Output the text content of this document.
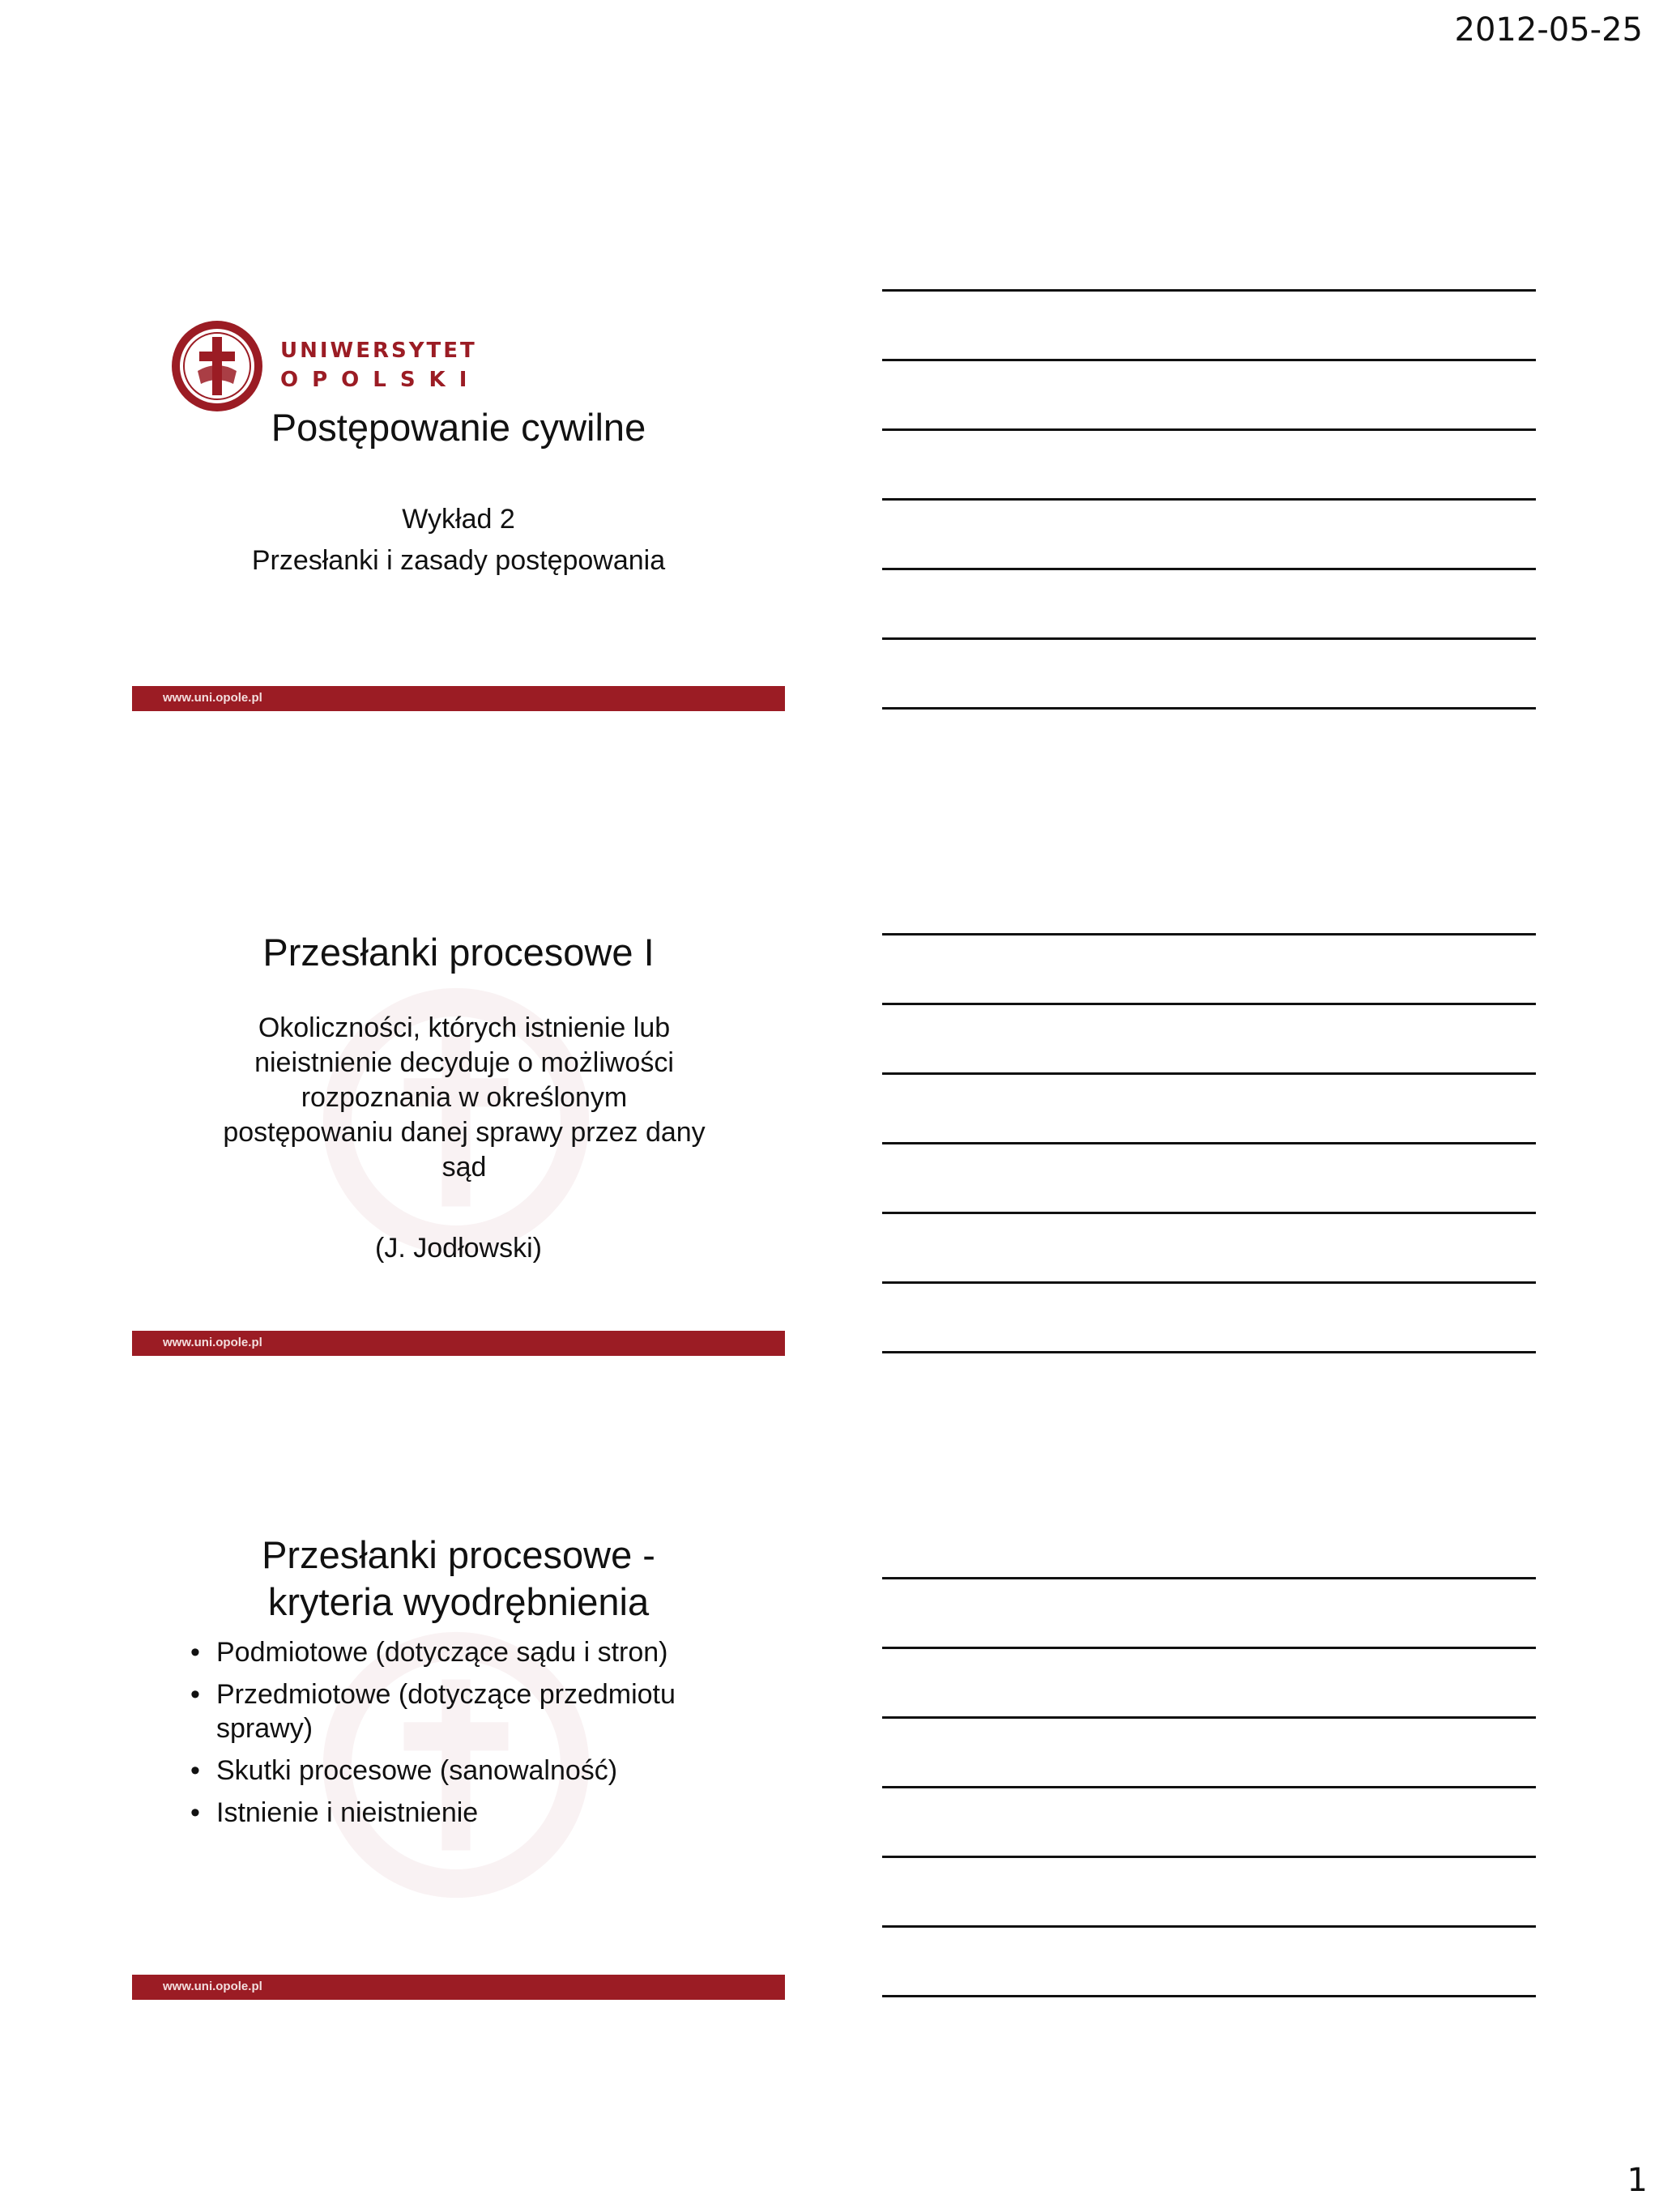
2012-05-25
UNIWERSYTET
OPOLSKI
Postępowanie cywilne
Wykład 2
Przesłanki i zasady postępowania
www.uni.opole.pl
Przesłanki procesowe I
Okoliczności, których istnienie lub
nieistnienie decyduje o możliwości
rozpoznania w określonym
postępowaniu danej sprawy przez dany
sąd
(J. Jodłowski)
www.uni.opole.pl
Przesłanki procesowe -
kryteria wyodrębnienia
• Podmiotowe (dotyczące sądu i stron)
• Przedmiotowe (dotyczące przedmiotu
sprawy)
• Skutki procesowe (sanowalność)
• Istnienie i nieistnienie
www.uni.opole.pl
1
